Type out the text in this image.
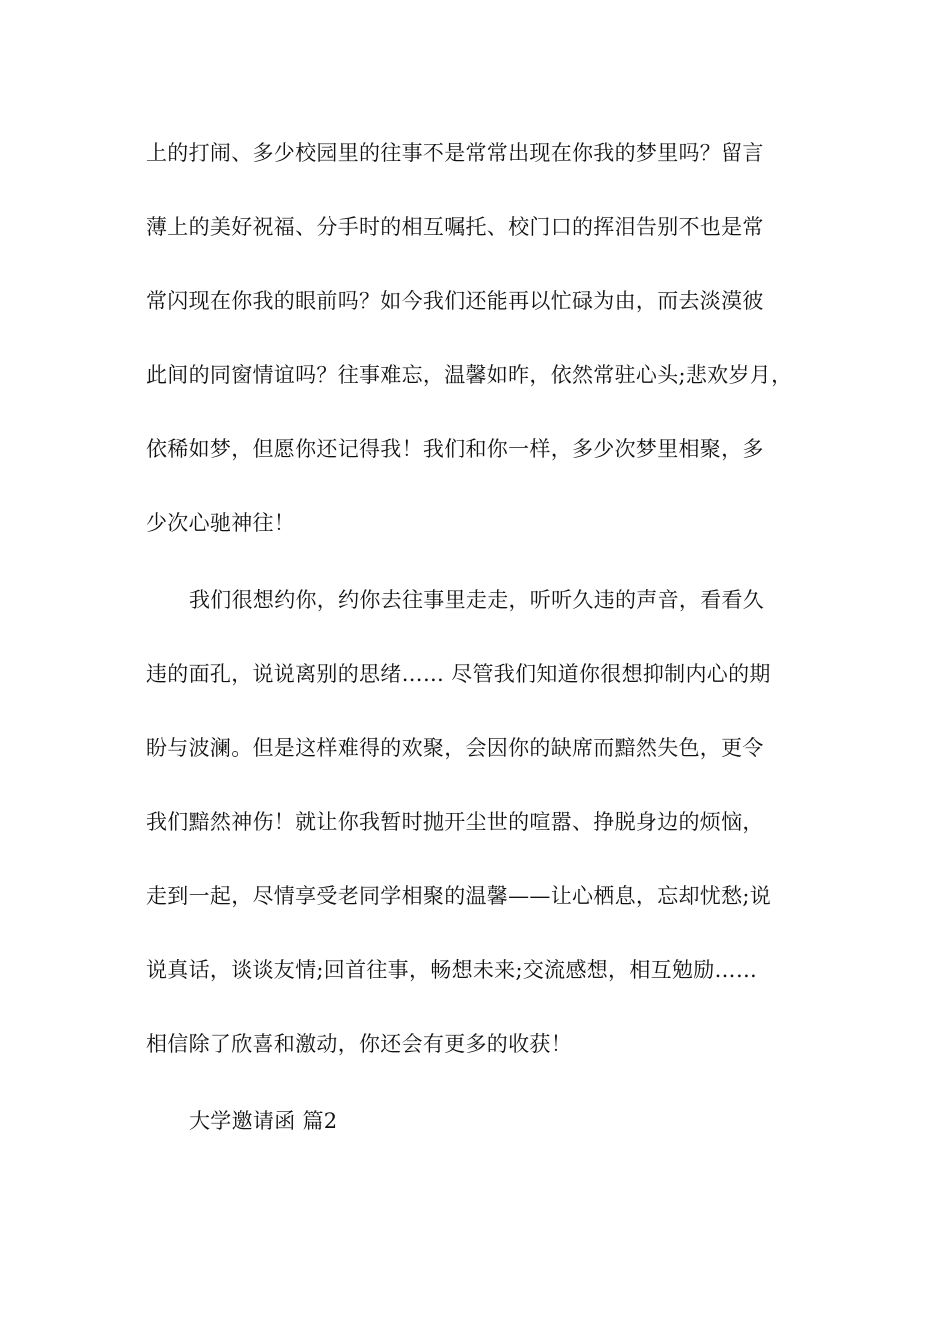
上的打闹、多少校园里的往事不是常常出现在你我的梦里吗？留言
薄上的美好祝福、分手时的相互嘱托、校门口的挥泪告别不也是常
常闪现在你我的眼前吗？如今我们还能再以忙碌为由，而去淡漠彼
此间的同窗情谊吗？往事难忘，温馨如昨，依然常驻心头;悲欢岁月，
依稀如梦，但愿你还记得我！我们和你一样，多少次梦里相聚，多
少次心驰神往！
我们很想约你，约你去往事里走走，听听久违的声音，看看久
违的面孔，说说离别的思绪…… 尽管我们知道你很想抑制内心的期
盼与波澜。但是这样难得的欢聚，会因你的缺席而黯然失色，更令
我们黯然神伤！就让你我暂时抛开尘世的喧嚣、挣脱身边的烦恼，
走到一起，尽情享受老同学相聚的温馨——让心栖息，忘却忧愁;说
说真话，谈谈友情;回首往事，畅想未来;交流感想，相互勉励……
相信除了欣喜和激动，你还会有更多的收获！
大学邀请函 篇2
